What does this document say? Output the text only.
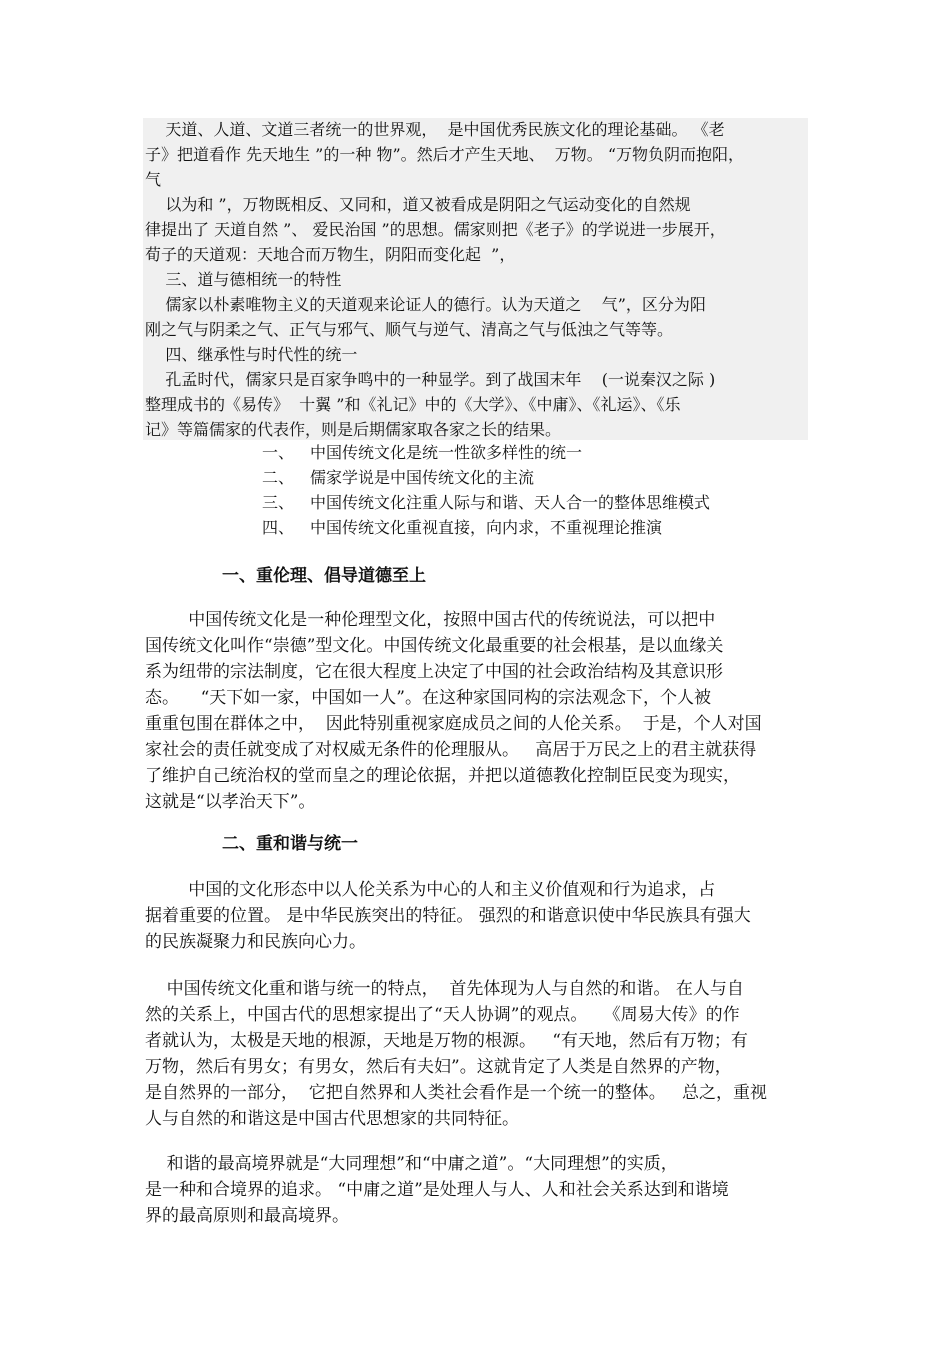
天道、人道、文道三者统一的世界观，  是中国优秀民族文化的理论基础。 《老
子》把道看作 先天地生 ”的一种 物”。然后才产生天地、  万物。 “万物负阴而抱阳，
气
以为和 ”，万物既相反、又同和，道又被看成是阴阳之气运动变化的自然规
律提出了 天道自然 ”、 爱民治国 ”的思想。儒家则把《老子》的学说进一步展开，
荀子的天道观：天地合而万物生，阴阳而变化起  ”，
三、道与德相统一的特性
儒家以朴素唯物主义的天道观来论证人的德行。认为天道之    气”，区分为阳
刚之气与阴柔之气、正气与邪气、顺气与逆气、清高之气与低浊之气等等。
四、继承性与时代性的统一
孔孟时代，儒家只是百家争鸣中的一种显学。到了战国末年    (一说秦汉之际 )
整理成书的《易传》  十翼 ”和《礼记》中的《大学》、《中庸》、《礼运》、《乐
记》等篇儒家的代表作，则是后期儒家取各家之长的结果。
一、 中国传统文化是统一性欲多样性的统一
二、 儒家学说是中国传统文化的主流
三、 中国传统文化注重人际与和谐、天人合一的整体思维模式
四、 中国传统文化重视直接，向内求，不重视理论推演
一、重伦理、倡导道德至上
中国传统文化是一种伦理型文化，按照中国古代的传统说法，可以把中
国传统文化叫作“崇德”型文化。中国传统文化最重要的社会根基，是以血缘关
系为纽带的宗法制度，它在很大程度上决定了中国的社会政治结构及其意识形
态。    “天下如一家，中国如一人”。在这种家国同构的宗法观念下，个人被
重重包围在群体之中，  因此特别重视家庭成员之间的人伦关系。  于是，个人对国
家社会的责任就变成了对权威无条件的伦理服从。   高居于万民之上的君主就获得
了维护自己统治权的堂而皇之的理论依据，并把以道德教化控制臣民变为现实，
这就是“以孝治天下”。
二、重和谐与统一
中国的文化形态中以人伦关系为中心的人和主义价值观和行为追求，占
据着重要的位置。 是中华民族突出的特征。 强烈的和谐意识使中华民族具有强大
的民族凝聚力和民族向心力。
中国传统文化重和谐与统一的特点，  首先体现为人与自然的和谐。 在人与自
然的关系上，中国古代的思想家提出了“天人协调”的观点。   《周易大传》的作
者就认为，太极是天地的根源，天地是万物的根源。   “有天地，然后有万物；有
万物，然后有男女；有男女，然后有夫妇”。这就肯定了人类是自然界的产物，
是自然界的一部分，  它把自然界和人类社会看作是一个统一的整体。   总之，重视
人与自然的和谐这是中国古代思想家的共同特征。
和谐的最高境界就是“大同理想”和“中庸之道”。“大同理想”的实质，
是一种和合境界的追求。 “中庸之道”是处理人与人、人和社会关系达到和谐境
界的最高原则和最高境界。
